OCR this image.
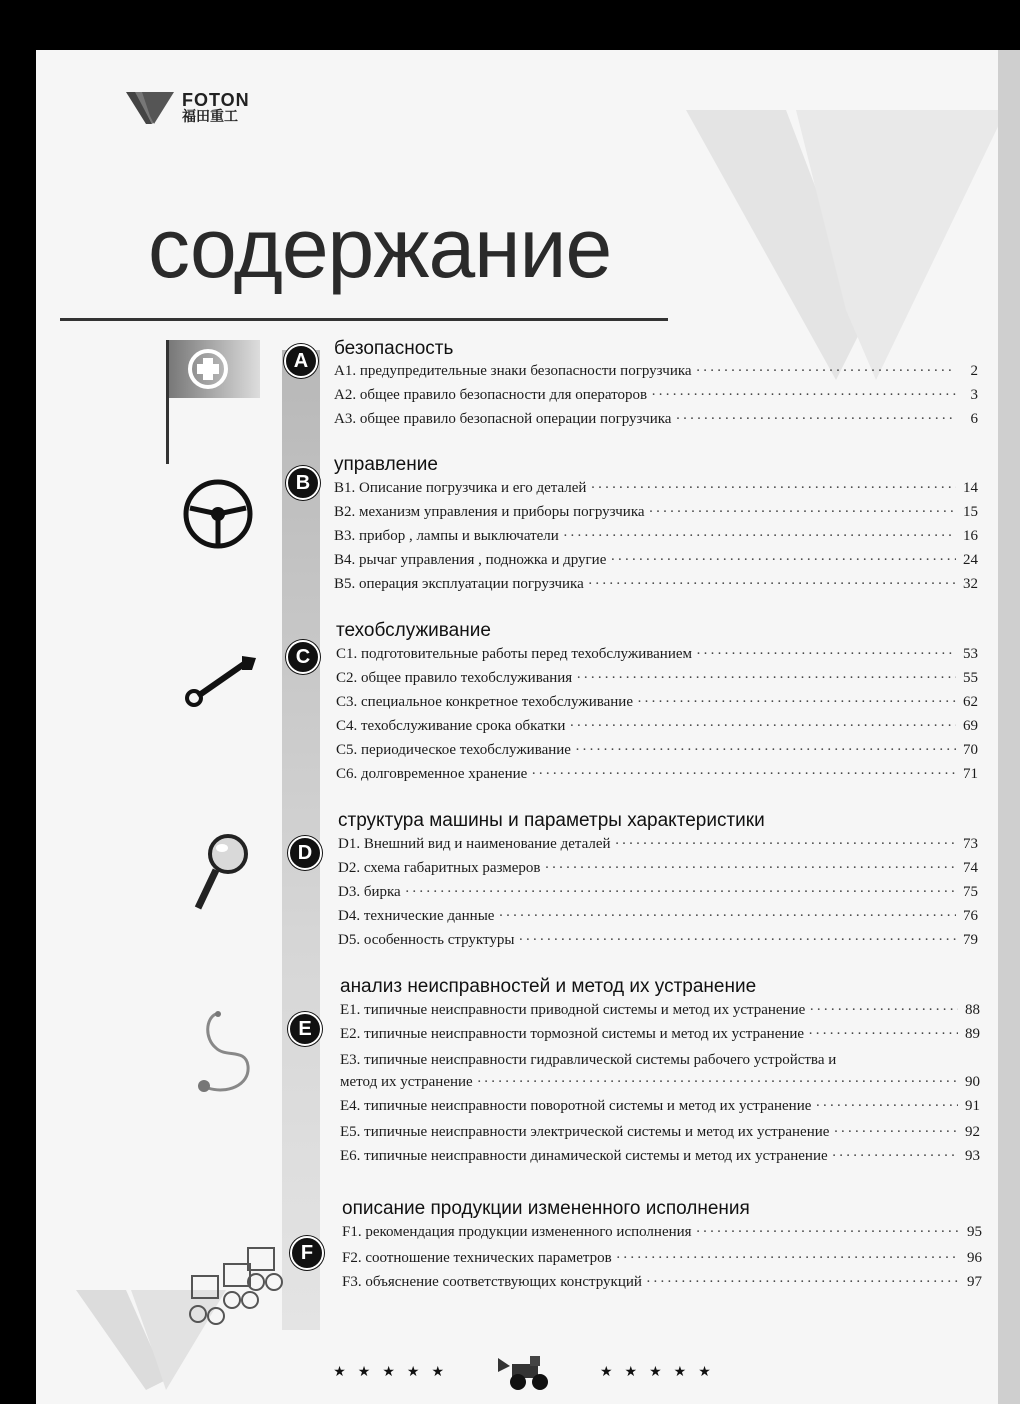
FOTON
福田重工
содержание
A
безопасность
A1. предупредительные знаки безопасности погрузчика ·····	2
A2. общее правило безопасности для операторов ·····	3
A3. общее правило безопасной операции погрузчика ·····	6
B
управление
B1. Описание погрузчика и его деталей ·····	14
B2. механизм управления и приборы погрузчика ·····	15
B3. прибор , лампы и выключатели ·····	16
B4. рычаг управления , подножка и другие ·····	24
B5. операция эксплуатации погрузчика ·····	32
C
техобслуживание
C1. подготовительные работы перед техобслуживанием ·····	53
C2. общее правило техобслуживания ·····	55
C3. специальное конкретное техобслуживание ·····	62
C4. техобслуживание срока обкатки ·····	69
C5. периодическое техобслуживание ·····	70
C6. долговременное хранение ·····	71
D
структура машины и параметры характеристики
D1. Внешний вид и наименование деталей ·····	73
D2. схема габаритных размеров ·····	74
D3. бирка ·····	75
D4. технические данные ·····	76
D5. особенность структуры ·····	79
E
анализ неисправностей и метод их устранение
E1. типичные неисправности приводной системы и метод их устранение ·····	88
E2. типичные неисправности тормозной системы и метод их устранение ·····	89
E3. типичные неисправности гидравлической системы рабочего устройства и
метод их устранение ·····	90
E4. типичные неисправности поворотной системы и метод их устранение ·····	91
E5. типичные неисправности электрической системы и метод их устранение ·····	92
E6. типичные неисправности динамической системы и метод их устранение ·····	93
F
описание продукции измененного исполнения
F1. рекомендация продукции измененного исполнения ·····	95
F2. соотношение технических параметров ·····	96
F3. объяснение соответствующих конструкций ·····	97
★★★★★	★★★★★
